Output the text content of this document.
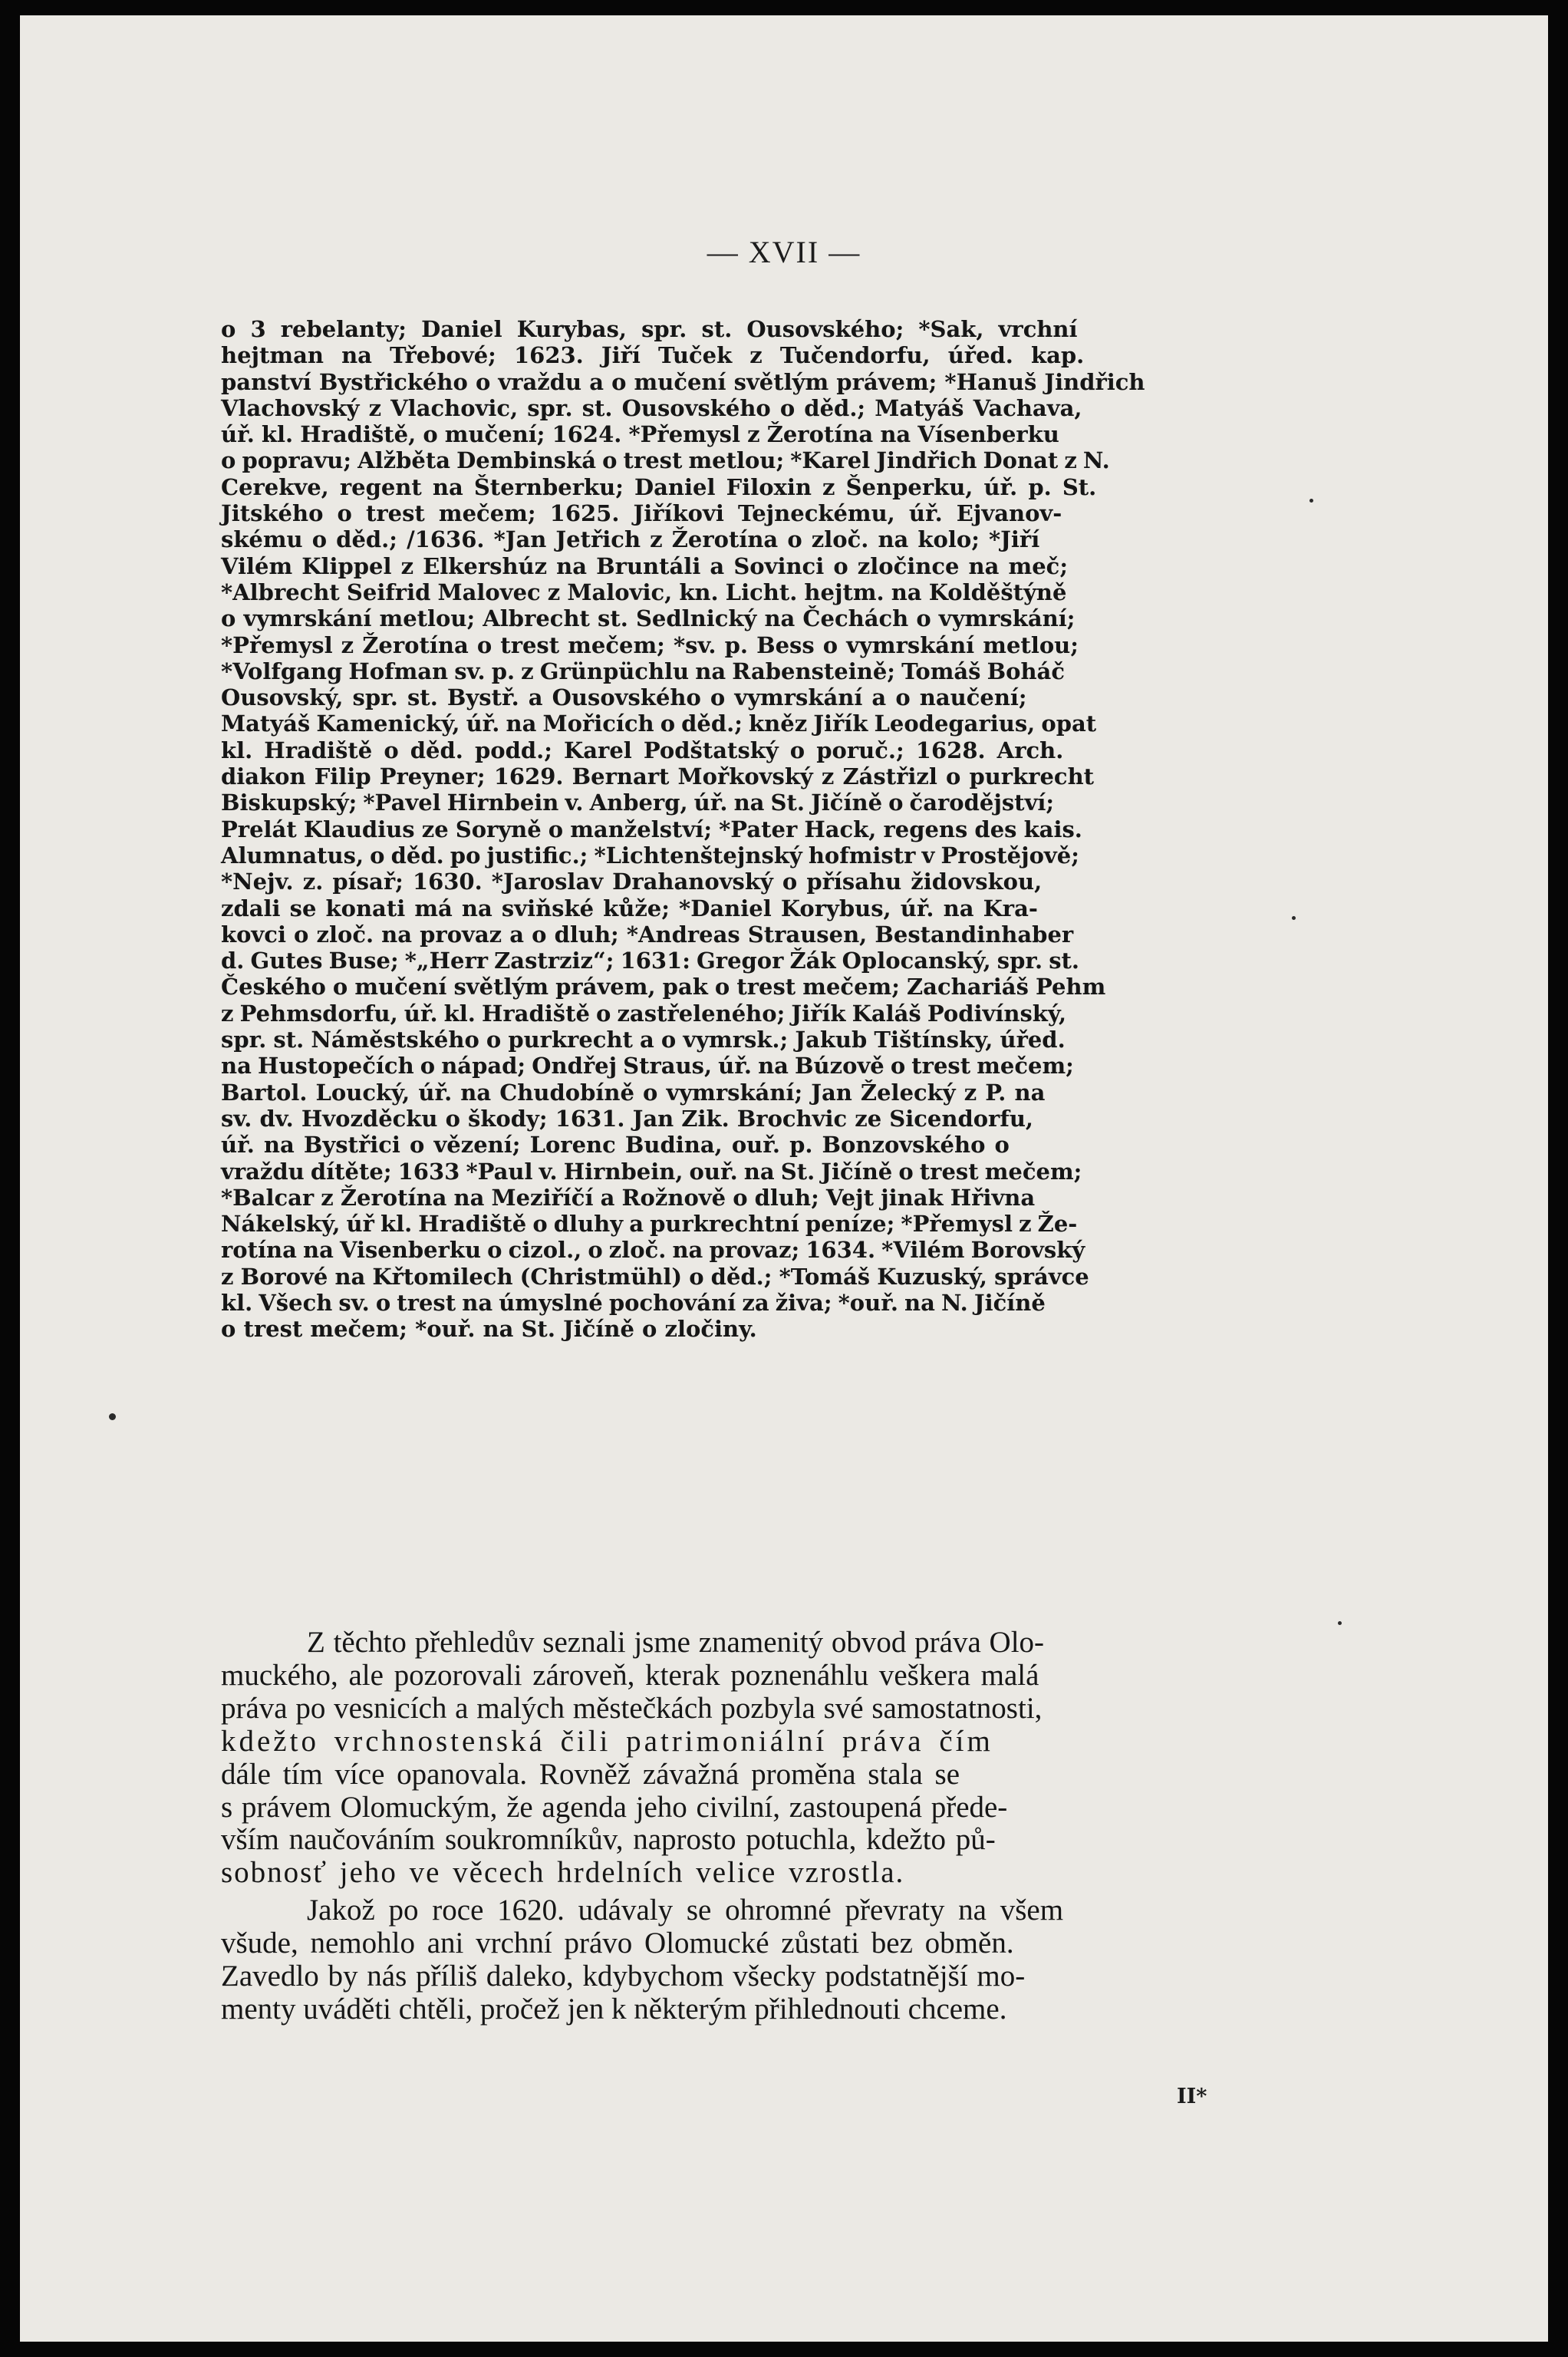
— XVII —
o 3 rebelanty; Daniel Kurybas, spr. st. Ousovského; *Sak, vrchní
hejtman na Třebové; 1623. Jiří Tuček z Tučendorfu, úřed. kap.
panství Bystřického o vraždu a o mučení světlým právem; *Hanuš Jindřich
Vlachovský z Vlachovic, spr. st. Ousovského o děd.; Matyáš Vachava,
úř. kl. Hradiště, o mučení; 1624. *Přemysl z Žerotína na Vísenberku
o popravu; Alžběta Dembinská o trest metlou; *Karel Jindřich Donat z N.
Cerekve, regent na Šternberku; Daniel Filoxin z Šenperku, úř. p. St.
Jitského o trest mečem; 1625. Jiříkovi Tejneckému, úř. Ejvanov-
skému o děd.; /1636. *Jan Jetřich z Žerotína o zloč. na kolo; *Jiří
Vilém Klippel z Elkershúz na Bruntáli a Sovinci o zločince na meč;
*Albrecht Seifrid Malovec z Malovic, kn. Licht. hejtm. na Kolděštýně
o vymrskání metlou; Albrecht st. Sedlnický na Čechách o vymrskání;
*Přemysl z Žerotína o trest mečem; *sv. p. Bess o vymrskání metlou;
*Volfgang Hofman sv. p. z Grünpüchlu na Rabensteině; Tomáš Boháč
Ousovský, spr. st. Bystř. a Ousovského o vymrskání a o naučení;
Matyáš Kamenický, úř. na Mořicích o děd.; kněz Jiřík Leodegarius, opat
kl. Hradiště o děd. podd.; Karel Podštatský o poruč.; 1628. Arch.
diakon Filip Preyner; 1629. Bernart Mořkovský z Zástřizl o purkrecht
Biskupský; *Pavel Hirnbein v. Anberg, úř. na St. Jičíně o čarodějství;
Prelát Klaudius ze Soryně o manželství; *Pater Hack, regens des kais.
Alumnatus, o děd. po justific.; *Lichtenštejnský hofmistr v Prostějově;
*Nejv. z. písař; 1630. *Jaroslav Drahanovský o přísahu židovskou,
zdali se konati má na sviňské kůže; *Daniel Korybus, úř. na Kra-
kovci o zloč. na provaz a o dluh; *Andreas Strausen, Bestandinhaber
d. Gutes Buse; *„Herr Zastrziz“; 1631: Gregor Žák Oplocanský, spr. st.
Českého o mučení světlým právem, pak o trest mečem; Zachariáš Pehm
z Pehmsdorfu, úř. kl. Hradiště o zastřeleného; Jiřík Kaláš Podivínský,
spr. st. Náměstského o purkrecht a o vymrsk.; Jakub Tištínsky, úřed.
na Hustopečích o nápad; Ondřej Straus, úř. na Búzově o trest mečem;
Bartol. Loucký, úř. na Chudobíně o vymrskání; Jan Želecký z P. na
sv. dv. Hvozděcku o škody; 1631. Jan Zik. Brochvic ze Sicendorfu,
úř. na Bystřici o vězení; Lorenc Budina, ouř. p. Bonzovského o
vraždu dítěte; 1633 *Paul v. Hirnbein, ouř. na St. Jičíně o trest mečem;
*Balcar z Žerotína na Meziříčí a Rožnově o dluh; Vejt jinak Hřivna
Nákelský, úř kl. Hradiště o dluhy a purkrechtní peníze; *Přemysl z Že-
rotína na Visenberku o cizol., o zloč. na provaz; 1634. *Vilém Borovský
z Borové na Křtomilech (Christmühl) o děd.; *Tomáš Kuzuský, správce
kl. Všech sv. o trest na úmyslné pochování za živa; *ouř. na N. Jičíně
o trest mečem; *ouř. na St. Jičíně o zločiny.
Z těchto přehledův seznali jsme znamenitý obvod práva Olo-
muckého, ale pozorovali zároveň, kterak poznenáhlu veškera malá
práva po vesnicích a malých městečkách pozbyla své samostatnosti,
kdežto vrchnostenská čili patrimoniální práva čím
dále tím více opanovala. Rovněž závažná proměna stala se
s právem Olomuckým, že agenda jeho civilní, zastoupená přede-
vším naučováním soukromníkův, naprosto potuchla, kdežto pů-
sobnosť jeho ve věcech hrdelních velice vzrostla.
Jakož po roce 1620. udávaly se ohromné převraty na všem
všude, nemohlo ani vrchní právo Olomucké zůstati bez obměn.
Zavedlo by nás příliš daleko, kdybychom všecky podstatnější mo-
menty uváděti chtěli, pročež jen k některým přihlednouti chceme.
II*
